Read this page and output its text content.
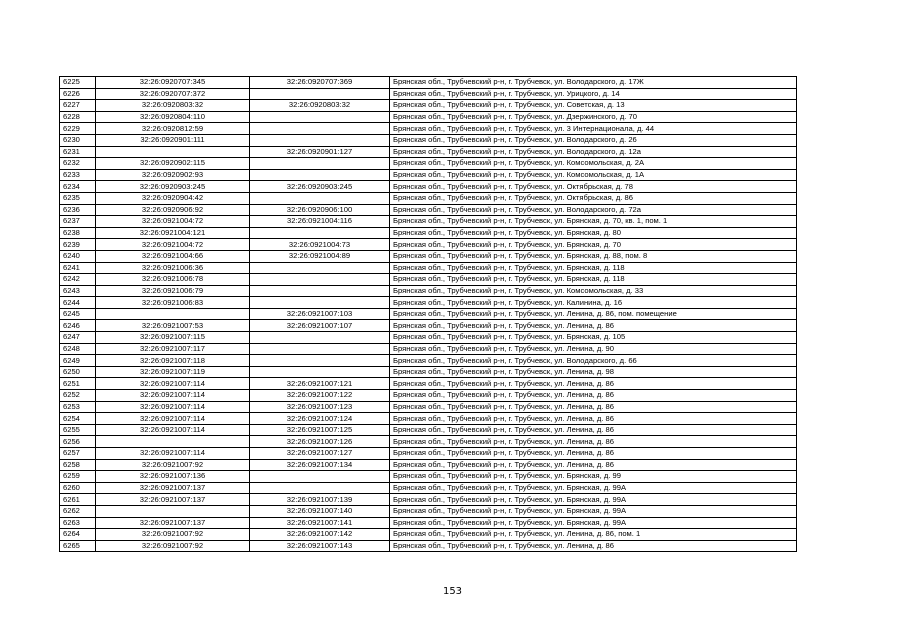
6225	32:26:0920707:345	32:26:0920707:369	Брянская обл., Трубчевский р-н, г. Трубчевск, ул. Володарского, д. 17Ж
6226	32:26:0920707:372		Брянская обл., Трубчевский р-н, г. Трубчевск, ул. Урицкого, д. 14
6227	32:26:0920803:32	32:26:0920803:32	Брянская обл., Трубчевский р-н, г. Трубчевск, ул. Советская, д. 13
6228	32:26:0920804:110		Брянская обл., Трубчевский р-н, г. Трубчевск, ул. Дзержинского, д. 70
6229	32:26:0920812:59		Брянская обл., Трубчевский р-н, г. Трубчевск, ул. 3 Интернационала, д. 44
6230	32:26:0920901:111		Брянская обл., Трубчевский р-н, г. Трубчевск, ул. Володарского, д. 26
6231		32:26:0920901:127	Брянская обл., Трубчевский р-н, г. Трубчевск, ул. Володарского, д. 12а
6232	32:26:0920902:115		Брянская обл., Трубчевский р-н, г. Трубчевск, ул. Комсомольская, д. 2А
6233	32:26:0920902:93		Брянская обл., Трубчевский р-н, г. Трубчевск, ул. Комсомольская, д. 1А
6234	32:26:0920903:245	32:26:0920903:245	Брянская обл., Трубчевский р-н, г. Трубчевск, ул. Октябрьская, д. 78
6235	32:26:0920904:42		Брянская обл., Трубчевский р-н, г. Трубчевск, ул. Октябрьская, д. 86
6236	32:26:0920906:92	32:26:0920906:100	Брянская обл., Трубчевский р-н, г. Трубчевск, ул. Володарского, д. 72а
6237	32:26:0921004:72	32:26:0921004:116	Брянская обл., Трубчевский р-н, г. Трубчевск, ул. Брянская, д. 70, кв. 1, пом. 1
6238	32:26:0921004:121		Брянская обл., Трубчевский р-н, г. Трубчевск, ул. Брянская, д. 80
6239	32:26:0921004:72	32:26:0921004:73	Брянская обл., Трубчевский р-н, г. Трубчевск, ул. Брянская, д. 70
6240	32:26:0921004:66	32:26:0921004:89	Брянская обл., Трубчевский р-н, г. Трубчевск, ул. Брянская, д. 88, пом. 8
6241	32:26:0921006:36		Брянская обл., Трубчевский р-н, г. Трубчевск, ул. Брянская, д. 118
6242	32:26:0921006:78		Брянская обл., Трубчевский р-н, г. Трубчевск, ул. Брянская, д. 118
6243	32:26:0921006:79		Брянская обл., Трубчевский р-н, г. Трубчевск, ул. Комсомольская, д. 33
6244	32:26:0921006:83		Брянская обл., Трубчевский р-н, г. Трубчевск, ул. Калинина, д. 16
6245		32:26:0921007:103	Брянская обл., Трубчевский р-н, г. Трубчевск, ул. Ленина, д. 86, пом. помещение
6246	32:26:0921007:53	32:26:0921007:107	Брянская обл., Трубчевский р-н, г. Трубчевск, ул. Ленина, д. 86
6247	32:26:0921007:115		Брянская обл., Трубчевский р-н, г. Трубчевск, ул. Брянская, д. 105
6248	32:26:0921007:117		Брянская обл., Трубчевский р-н, г. Трубчевск, ул. Ленина, д. 90
6249	32:26:0921007:118		Брянская обл., Трубчевский р-н, г. Трубчевск, ул. Володарского, д. 66
6250	32:26:0921007:119		Брянская обл., Трубчевский р-н, г. Трубчевск, ул. Ленина, д. 98
6251	32:26:0921007:114	32:26:0921007:121	Брянская обл., Трубчевский р-н, г. Трубчевск, ул. Ленина, д. 86
6252	32:26:0921007:114	32:26:0921007:122	Брянская обл., Трубчевский р-н, г. Трубчевск, ул. Ленина, д. 86
6253	32:26:0921007:114	32:26:0921007:123	Брянская обл., Трубчевский р-н, г. Трубчевск, ул. Ленина, д. 86
6254	32:26:0921007:114	32:26:0921007:124	Брянская обл., Трубчевский р-н, г. Трубчевск, ул. Ленина, д. 86
6255	32:26:0921007:114	32:26:0921007:125	Брянская обл., Трубчевский р-н, г. Трубчевск, ул. Ленина, д. 86
6256		32:26:0921007:126	Брянская обл., Трубчевский р-н, г. Трубчевск, ул. Ленина, д. 86
6257	32:26:0921007:114	32:26:0921007:127	Брянская обл., Трубчевский р-н, г. Трубчевск, ул. Ленина, д. 86
6258	32:26:0921007:92	32:26:0921007:134	Брянская обл., Трубчевский р-н, г. Трубчевск, ул. Ленина, д. 86
6259	32:26:0921007:136		Брянская обл., Трубчевский р-н, г. Трубчевск, ул. Брянская, д. 99
6260	32:26:0921007:137		Брянская обл., Трубчевский р-н, г. Трубчевск, ул. Брянская, д. 99А
6261	32:26:0921007:137	32:26:0921007:139	Брянская обл., Трубчевский р-н, г. Трубчевск, ул. Брянская, д. 99А
6262		32:26:0921007:140	Брянская обл., Трубчевский р-н, г. Трубчевск, ул. Брянская, д. 99А
6263	32:26:0921007:137	32:26:0921007:141	Брянская обл., Трубчевский р-н, г. Трубчевск, ул. Брянская, д. 99А
6264	32:26:0921007:92	32:26:0921007:142	Брянская обл., Трубчевский р-н, г. Трубчевск, ул. Ленина, д. 86, пом. 1
6265	32:26:0921007:92	32:26:0921007:143	Брянская обл., Трубчевский р-н, г. Трубчевск, ул. Ленина, д. 86
153
